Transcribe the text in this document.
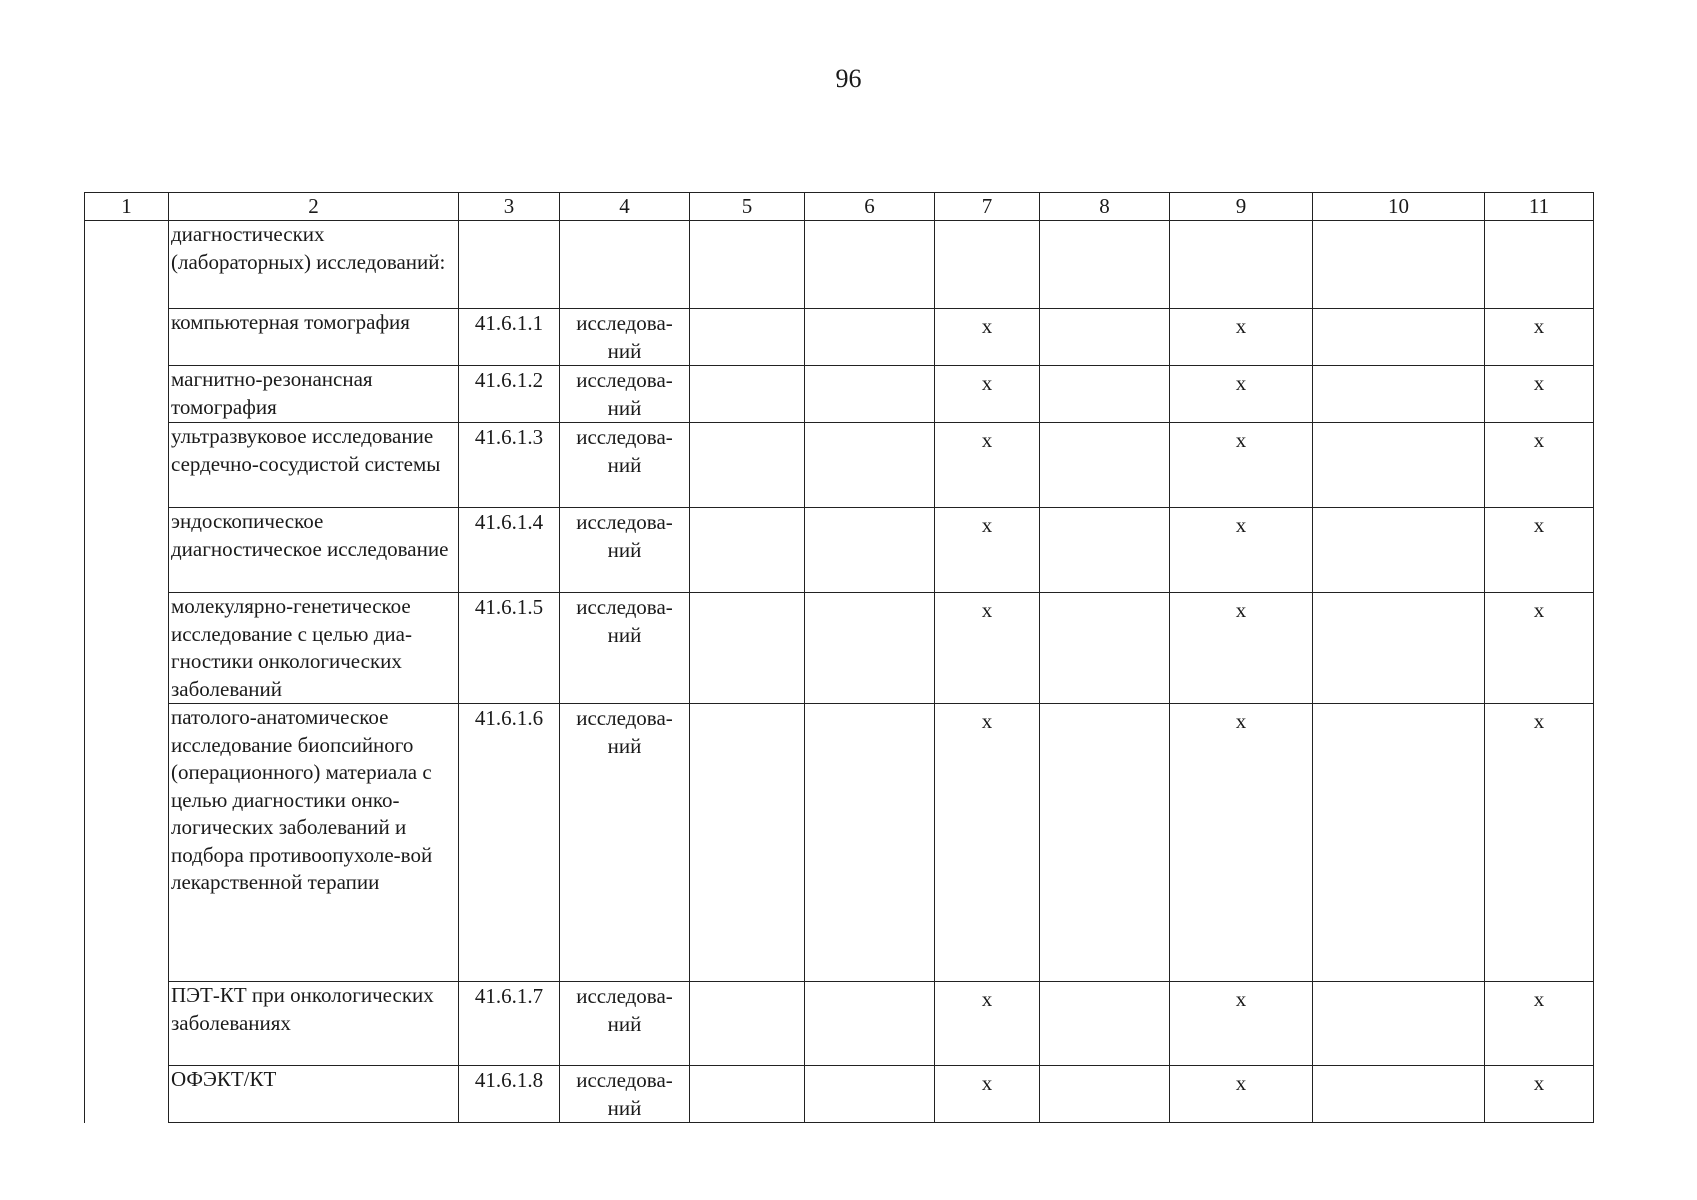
96
1	2	3	4	5	6	7	8	9	10	11
	диагностических (лабораторных) исследований:									
	компьютерная томография	41.6.1.1	исследова-ний			x		x		x
	магнитно-резонансная томография	41.6.1.2	исследова-ний			x		x		x
	ультразвуковое исследование сердечно-сосудистой системы	41.6.1.3	исследова-ний			x		x		x
	эндоскопическое диагностическое исследование	41.6.1.4	исследова-ний			x		x		x
	молекулярно-генетическое исследование с целью диа-гностики онкологических заболеваний	41.6.1.5	исследова-ний			x		x		x
	патолого-анатомическое исследование биопсийного (операционного) материала с целью диагностики онко-логических заболеваний и подбора противоопухоле-вой лекарственной терапии	41.6.1.6	исследова-ний			x		x		x
	ПЭТ-КТ при онкологических заболеваниях	41.6.1.7	исследова-ний			x		x		x
	ОФЭКТ/КТ	41.6.1.8	исследова-ний			x		x		x
